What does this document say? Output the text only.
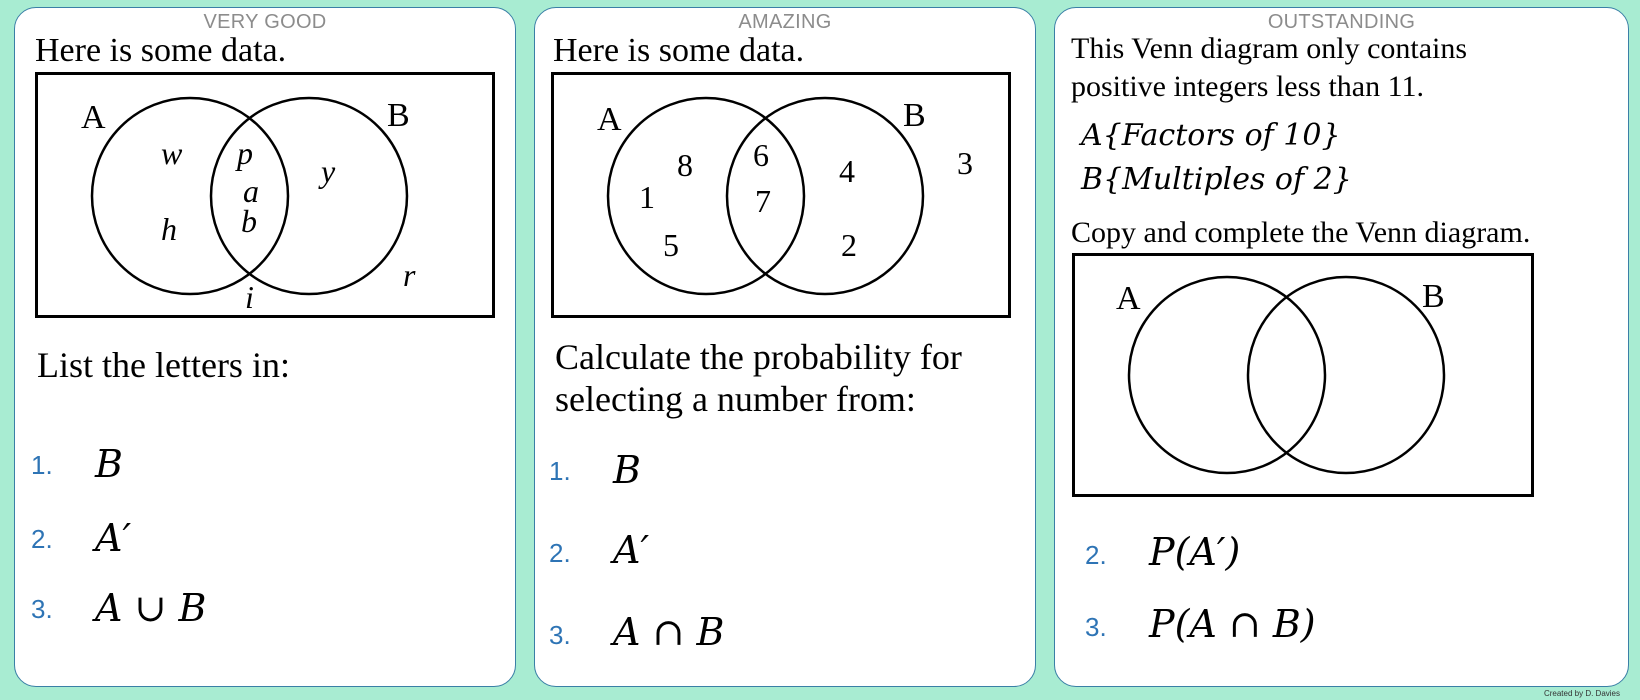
VERY GOOD
Here is some data.
A	B
w
h
p
a
b
y
i
r
List the letters in:
1. B
2. A′
3. A ∪ B
AMAZING
Here is some data.
A	B
8
1
5
6
7
4
2
3
Calculate the probability for
selecting a number from:
1. B
2. A′
3. A ∩ B
OUTSTANDING
This Venn diagram only contains
positive integers less than 11.
A{Factors of 10}
B{Multiples of 2}
Copy and complete the Venn diagram.
A	B
2. P(A′)
3. P(A ∩ B)
Created by D. Davies
